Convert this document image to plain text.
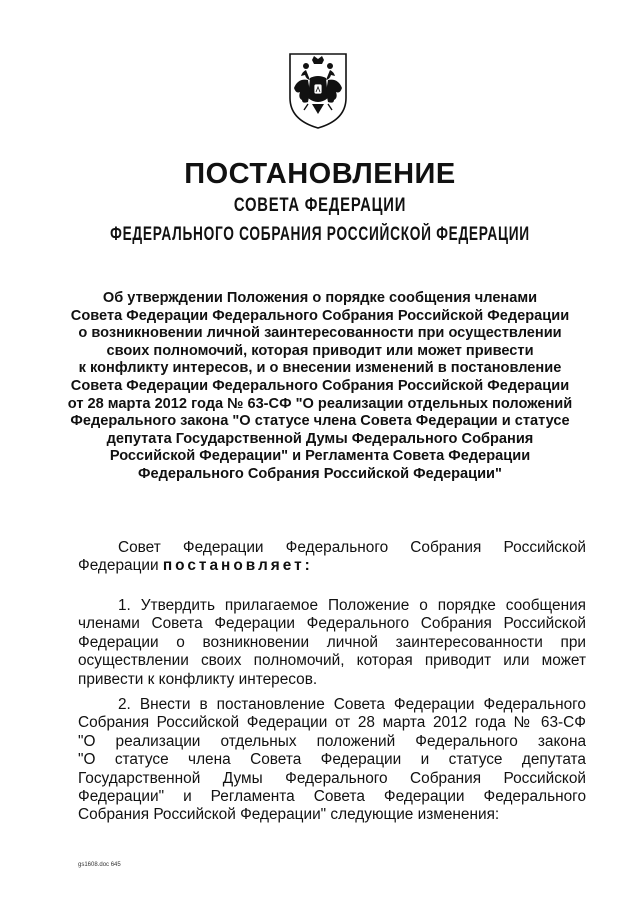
ПОСТАНОВЛЕНИЕ
СОВЕТА ФЕДЕРАЦИИ
ФЕДЕРАЛЬНОГО СОБРАНИЯ РОССИЙСКОЙ ФЕДЕРАЦИИ
Об утверждении Положения о порядке сообщения членами
Совета Федерации Федерального Собрания Российской Федерации
о возникновении личной заинтересованности при осуществлении
своих полномочий, которая приводит или может привести
к конфликту интересов, и о внесении изменений в постановление
Совета Федерации Федерального Собрания Российской Федерации
от 28 марта 2012 года № 63-СФ "О реализации отдельных положений
Федерального закона "О статусе члена Совета Федерации и статусе
депутата Государственной Думы Федерального Собрания
Российской Федерации" и Регламента Совета Федерации
Федерального Собрания Российской Федерации"
Совет Федерации Федерального Собрания Российской
Федерации постановляет:
1. Утвердить прилагаемое Положение о порядке сообщения
членами Совета Федерации Федерального Собрания Российской
Федерации о возникновении личной заинтересованности при
осуществлении своих полномочий, которая приводит или может
привести к конфликту интересов.
2. Внести в постановление Совета Федерации Федерального
Собрания Российской Федерации от 28 марта 2012 года № 63-СФ
"О реализации отдельных положений Федерального закона
"О статусе члена Совета Федерации и статусе депутата
Государственной Думы Федерального Собрания Российской
Федерации" и Регламента Совета Федерации Федерального
Собрания Российской Федерации" следующие изменения:
gs1608.doc 645
